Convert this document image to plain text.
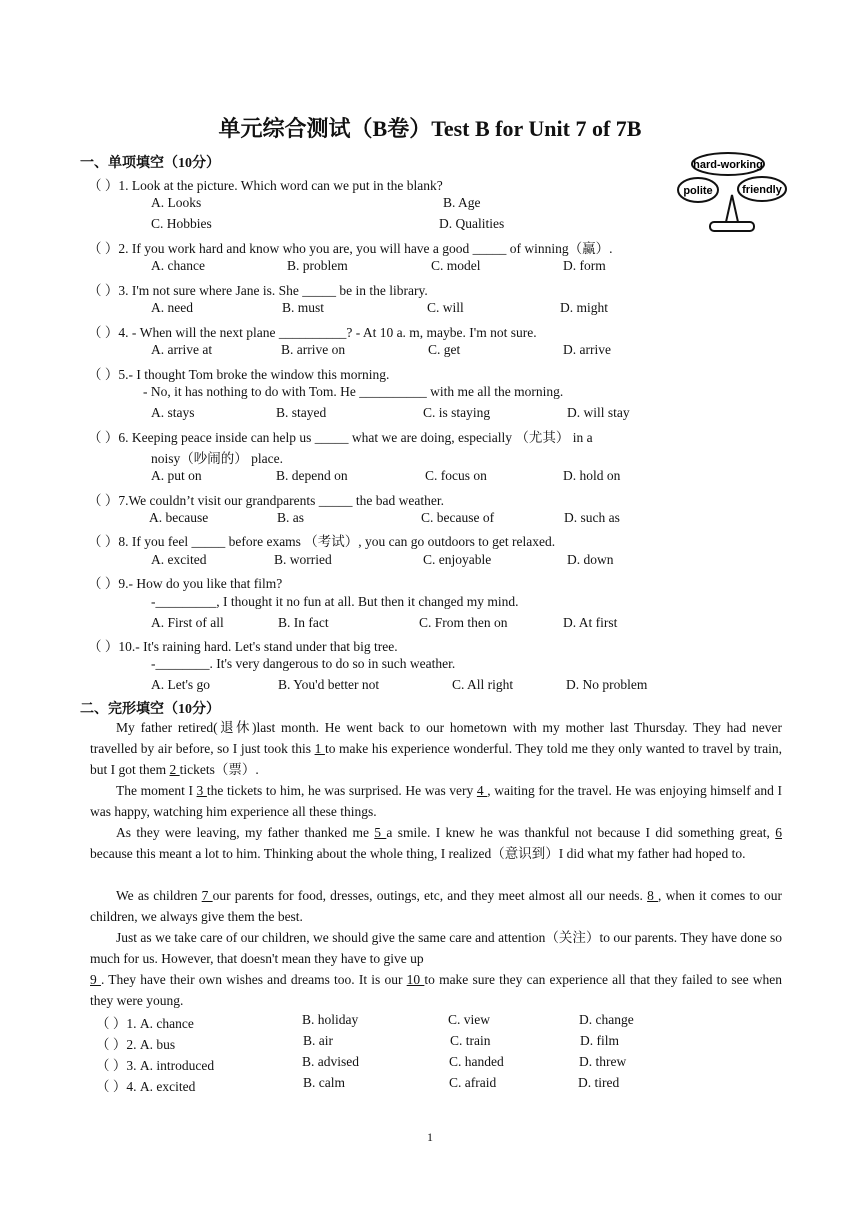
单元综合测试（B卷）Test B for Unit 7 of 7B
一、单项填空（10分）	hard-working
polite	friendly
（ ）1. Look at the picture. Which word can we put in the blank?
A. Looks	B. Age
C. Hobbies	D. Qualities
（ ）2. If you work hard and know who you are, you will have a good _____ of winning（赢）.
A. chance	B. problem	C. model	D. form
（ ）3. I'm not sure where Jane is. She _____ be in the library.
A. need	B. must	C. will	D. might
（ ）4. - When will the next plane __________? - At 10 a. m, maybe. I'm not sure.
A. arrive at	B. arrive on	C. get	D. arrive
（ ）5.- I thought Tom broke the window this morning.
- No, it has nothing to do with Tom. He __________ with me all the morning.
A. stays	B. stayed	C. is staying	D. will stay
（ ）6. Keeping peace inside can help us _____ what we are doing, especially （尤其） in a
noisy（吵闹的） place.
A. put on	B. depend on	C. focus on	D. hold on
（ ）7.We couldn’t visit our grandparents _____ the bad weather.
A. because	B. as	C. because of	D. such as
（ ）8. If you feel _____ before exams （考试）, you can go outdoors to get relaxed.
A. excited	B. worried	C. enjoyable	D. down
（ ）9.- How do you like that film?
-_________, I thought it no fun at all. But then it changed my mind.
A. First of all	B. In fact	C. From then on	D. At first
（ ）10.- It's raining hard. Let's stand under that big tree.
-________. It's very dangerous to do so in such weather.
A. Let's go	B. You'd better not	C. All right	D. No problem
二、完形填空（10分）
My father retired(退休)last month. He went back to our hometown with my mother last Thursday. They had never travelled by air before, so I just took this 1 to make his experience wonderful. They told me they only wanted to travel by train, but I got them 2 tickets（票）.
The moment I 3 the tickets to him, he was surprised. He was very 4 , waiting for the travel. He was enjoying himself and I was happy, watching him experience all these things.
As they were leaving, my father thanked me 5 a smile. I knew he was thankful not because I did something great, 6 because this meant a lot to him. Thinking about the whole thing, I realized（意识到）I did what my father had hoped to.
We as children 7 our parents for food, dresses, outings, etc, and they meet almost all our needs. 8 , when it comes to our children, we always give them the best.
Just as we take care of our children, we should give the same care and attention（关注）to our parents. They have done so much for us. However, that doesn't mean they have to give up
9 . They have their own wishes and dreams too. It is our 10 to make sure they can experience all that they failed to see when they were young.
（ ）1. A. chance	B. holiday	C. view	D. change
（ ）2. A. bus	B. air	C. train	D. film
（ ）3. A. introduced	B. advised	C. handed	D. threw
（ ）4. A. excited	B. calm	C. afraid	D. tired
1
